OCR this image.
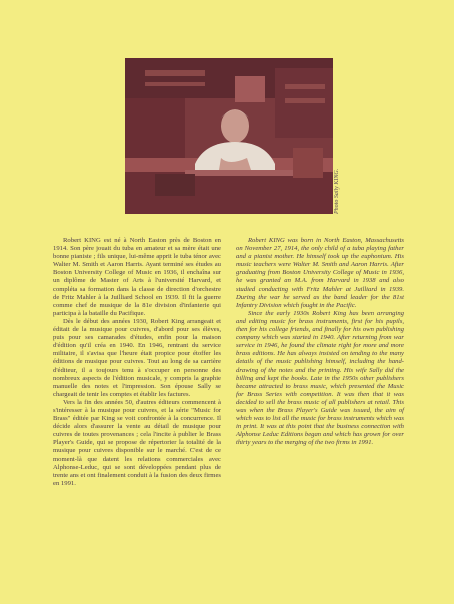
Photo Sally KING.

Robert KING est né à North Easton près de Boston en 1914. Son père jouait du tuba en amateur et sa mère était une bonne pianiste ; fils unique, lui-même apprit le tuba ténor avec Walter M. Smith et Aaron Harris. Ayant terminé ses études au Boston University College of Music en 1936, il enchaîna sur un diplôme de Master of Arts à l'université Harvard, et compléta sa formation dans la classe de direction d'orchestre de Fritz Mahler à la Juilliard School en 1939. Il fit la guerre comme chef de musique de la 81e division d'infanterie qui participa à la bataille du Pacifique.

Dès le début des années 1930, Robert King arrangeait et éditait de la musique pour cuivres, d'abord pour ses élèves, puis pour ses camarades d'études, enfin pour la maison d'édition qu'il créa en 1940. En 1946, rentrant du service militaire, il s'avisa que l'heure était propice pour étoffer les éditions de musique pour cuivres. Tout au long de sa carrière d'éditeur, il a toujours tenu à s'occuper en personne des nombreux aspects de l'édition musicale, y compris la graphie manuelle des notes et l'impression. Son épouse Sally se chargeait de tenir les comptes et établir les factures.

Vers la fin des années 50, d'autres éditeurs commencent à s'intéresser à la musique pour cuivres, et la série "Music for Brass" éditée par King se voit confrontée à la concurrence. Il décide alors d'assurer la vente au détail de musique pour cuivres de toutes provenances ; cela l'incite à publier le Brass Player's Guide, qui se propose de répertorier la totalité de la musique pour cuivres disponible sur le marché. C'est de ce moment-là que datent les relations commerciales avec Alphonse-Leduc, qui se sont développées pendant plus de trente ans et ont finalement conduit à la fusion des deux firmes en 1991.

Robert KING was born in North Easton, Massachusetts on November 27, 1914, the only child of a tuba playing father and a pianist mother. He himself took up the euphonium. His music teachers were Walter M. Smith and Aaron Harris. After graduating from Boston University College of Music in 1936, he was granted an M.A. from Harvard in 1938 and also studied conducting with Fritz Mahler at Juilliard in 1939. During the war he served as the band leader for the 81st Infantry Division which fought in the Pacific.

Since the early 1930s Robert King has been arranging and editing music for brass instruments, first for his pupils, then for his college friends, and finally for his own publishing company which was started in 1940. After returning from war service in 1946, he found the climate right for more and more brass editions. He has always insisted on tending to the many details of the music publishing himself, including the hand-drawing of the notes and the printing. His wife Sally did the billing and kept the books. Late in the 1950s other publishers became attracted to brass music, which presented the Music for Brass Series with competition. It was then that it was decided to sell the brass music of all publishers at retail. This was when the Brass Player's Guide was issued, the aim of which was to list all the music for brass instruments which was in print. It was at this point that the business connection with Alphonse Leduc Editions began and which has grown for over thirty years to the merging of the two firms in 1991.
